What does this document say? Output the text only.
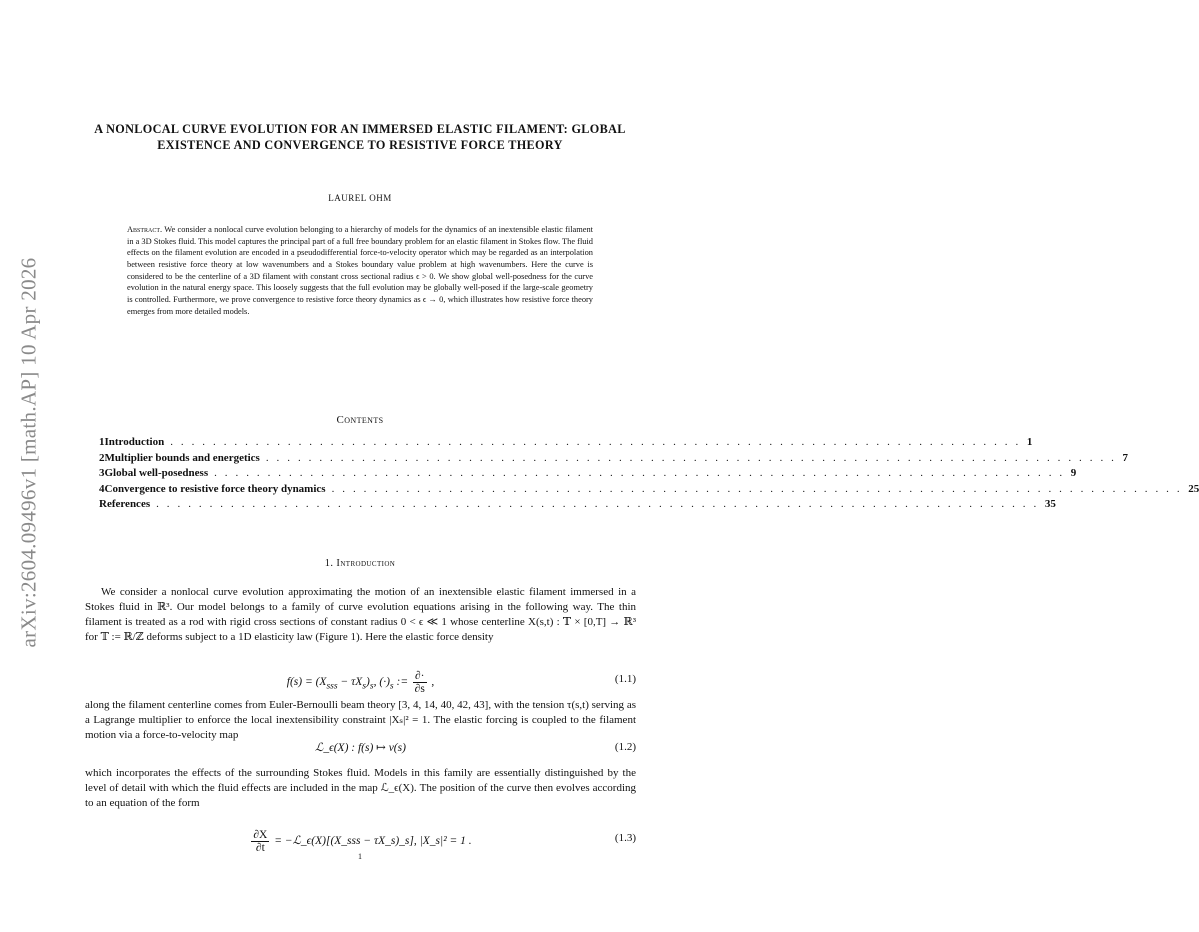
arXiv:2604.09496v1 [math.AP] 10 Apr 2026
A NONLOCAL CURVE EVOLUTION FOR AN IMMERSED ELASTIC FILAMENT: GLOBAL EXISTENCE AND CONVERGENCE TO RESISTIVE FORCE THEORY
LAUREL OHM
Abstract. We consider a nonlocal curve evolution belonging to a hierarchy of models for the dynamics of an inextensible elastic filament in a 3D Stokes fluid. This model captures the principal part of a full free boundary problem for an elastic filament in Stokes flow. The fluid effects on the filament evolution are encoded in a pseudodifferential force-to-velocity operator which may be regarded as an interpolation between resistive force theory at low wavenumbers and a Stokes boundary value problem at high wavenumbers. Here the curve is considered to be the centerline of a 3D filament with constant cross sectional radius ϵ > 0. We show global well-posedness for the curve evolution in the natural energy space. This loosely suggests that the full evolution may be globally well-posed if the large-scale geometry is controlled. Furthermore, we prove convergence to resistive force theory dynamics as ϵ → 0, which illustrates how resistive force theory emerges from more detailed models.
Contents
1 Introduction . . . . . . . . . . . . . . . . . . . . . . . . . . . . . . . . . . . . . . . . . . . . . . . . . . . . . . . . . . . . . . . . . . . . . . . . . . . . . . . . 1
2 Multiplier bounds and energetics . . . . . . . . . . . . . . . . . . . . . . . . . . . . . . . . . . . . . . . . . . . . . . . . . . . . . . . . . . . . . . . . . . . . . . . . . . . . . . . . 7
3 Global well-posedness . . . . . . . . . . . . . . . . . . . . . . . . . . . . . . . . . . . . . . . . . . . . . . . . . . . . . . . . . . . . . . . . . . . . . . . . . . . . . . . . 9
4 Convergence to resistive force theory dynamics . . . . . . . . . . . . . . . . . . . . . . . . . . . . . . . . . . . . . . . . . . . . . . . . . . . . . . . . . . . . . . . . . . . . . . . . . . . . . . . . 25
References . . . . . . . . . . . . . . . . . . . . . . . . . . . . . . . . . . . . . . . . . . . . . . . . . . . . . . . . . . . . . . . . . . . . . . . . . . . . . . . . . . . 35
1. Introduction
We consider a nonlocal curve evolution approximating the motion of an inextensible elastic filament immersed in a Stokes fluid in ℝ³. Our model belongs to a family of curve evolution equations arising in the following way. The thin filament is treated as a rod with rigid cross sections of constant radius 0 < ϵ ≪ 1 whose centerline X(s,t) : 𝕋 × [0,T] → ℝ³ for 𝕋 := ℝ/ℤ deforms subject to a 1D elasticity law (Figure 1). Here the elastic force density
$f(s) = (X_{sss} - \tau X_s)_s$, $(\cdot)_s$ := $\frac{\partial\cdot}{\partial s}$ ,	(1.1)
along the filament centerline comes from Euler-Bernoulli beam theory [3, 4, 14, 40, 42, 43], with the tension τ(s,t) serving as a Lagrange multiplier to enforce the local inextensibility constraint |Xₛ|² = 1. The elastic forcing is coupled to the filament motion via a force-to-velocity map
ℒ_ϵ(X) : f(s) ↦ v(s)	(1.2)
which incorporates the effects of the surrounding Stokes fluid. Models in this family are essentially distinguished by the level of detail with which the fluid effects are included in the map ℒ_ϵ(X). The position of the curve then evolves according to an equation of the form
$\frac{\partial X}{\partial t}$ = −ℒ_ϵ(X)[(X_sss − τX_s)_s], |X_s|² = 1 .	(1.3)
1
